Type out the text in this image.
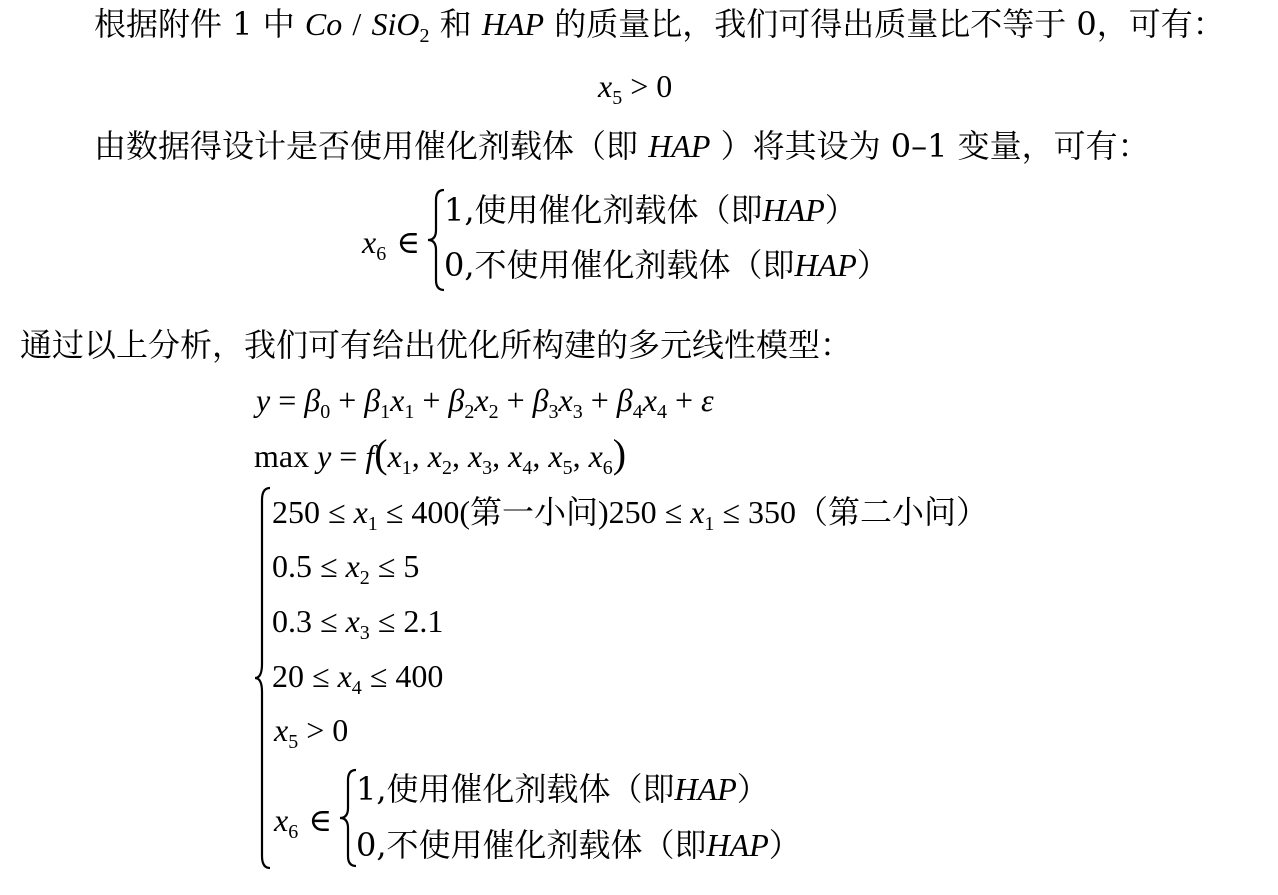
根据附件 1 中 Co / SiO$_2$ 和 HAP 的质量比，我们可得出质量比不等于 0，可有：
$x_5 > 0$
由数据得设计是否使用催化剂载体（即 HAP ）将其设为 0–1 变量，可有：
$x_6$ ∈
1,使用催化剂载体（即HAP）
0,不使用催化剂载体（即HAP）
通过以上分析，我们可有给出优化所构建的多元线性模型：
$y = \beta_0 + \beta_1x_1 + \beta_2x_2 + \beta_3x_3 + \beta_4x_4 + \varepsilon$
$\max y = f(x_1$, $x_2$, $x_3$, $x_4$, $x_5$, $x_6$)
$250 \le x_1 \le 400$(第一小问)$250 \le x_1 \le 350$（第二小问）
$0.5 \le x_2 \le 5$
$0.3 \le x_3 \le 2.1$
$20 \le x_4 \le 400$
$x_5 > 0$
$x_6$ ∈
1,使用催化剂载体（即HAP）
0,不使用催化剂载体（即HAP）
